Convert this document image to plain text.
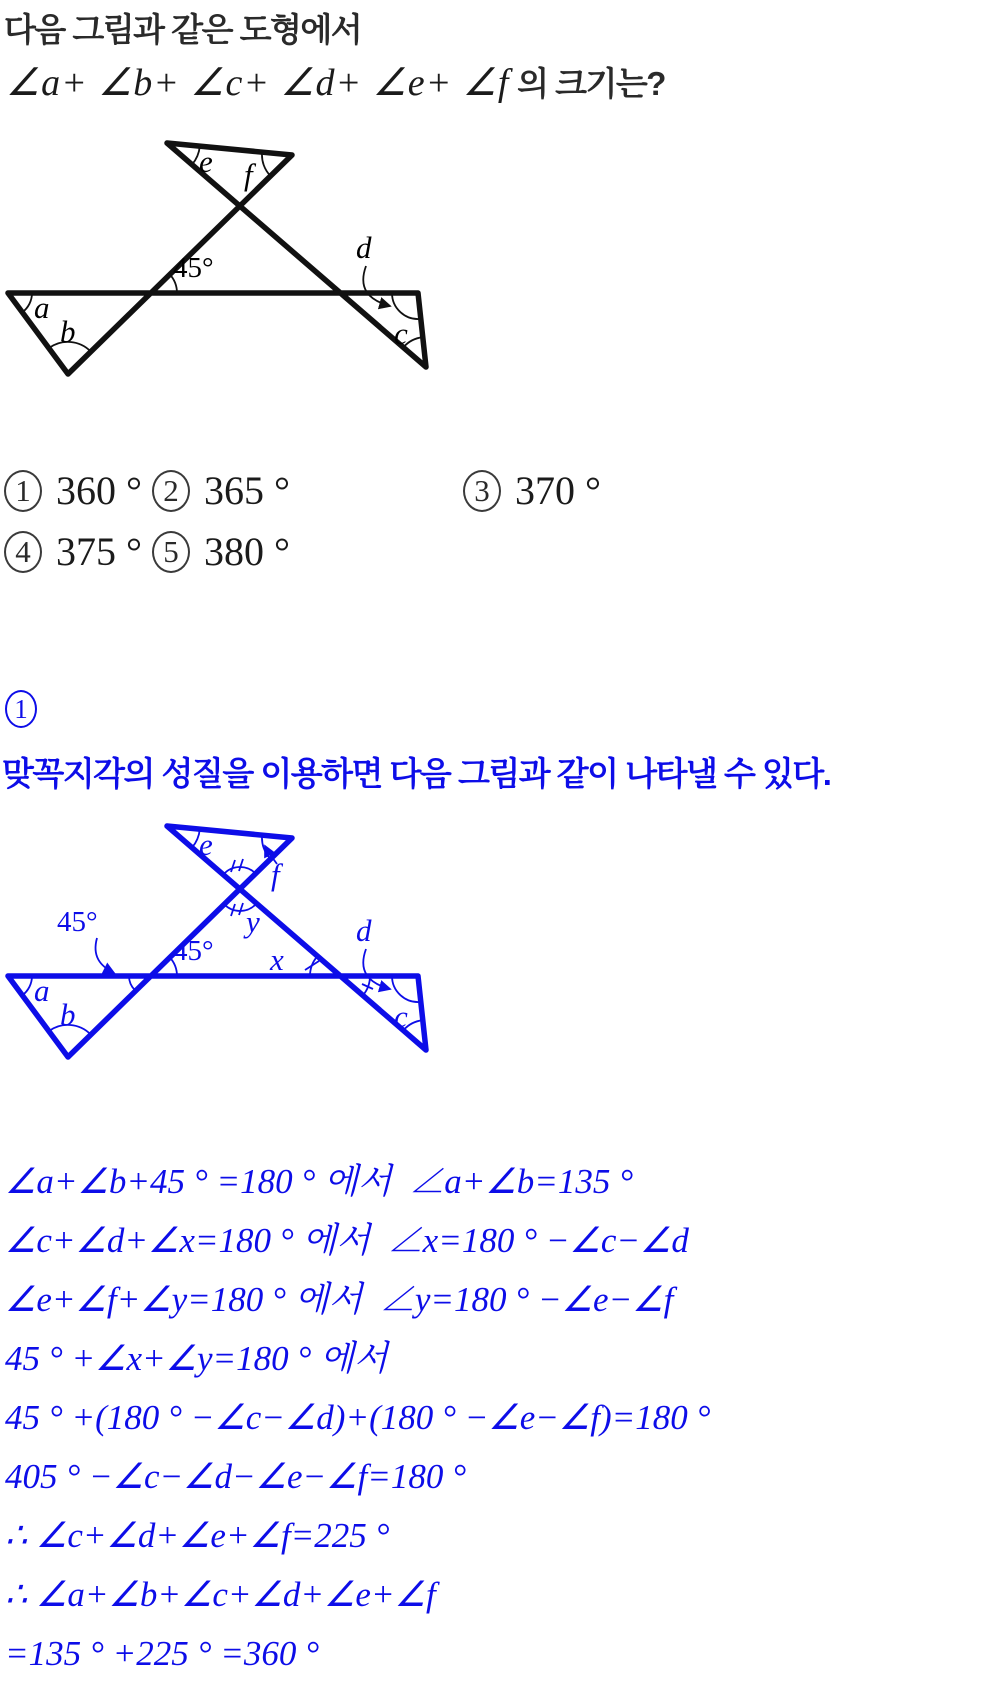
다음 그림과 같은 도형에서
∠a+ ∠b+ ∠c+ ∠d+ ∠e+ ∠f 의 크기는?
a
b
45°
e f
d
c
1 360 ° 2 365 °	3 370 °
4 375 ° 5 380 °
1
맞꼭지각의 성질을 이용하면 다음 그림과 같이 나타낼 수 있다.
45°
45°
a
b
e
f
y
x
d
c
∠a+∠b+45 ° =180 ° 에서  ∠a+∠b=135 °
∠c+∠d+∠x=180 ° 에서  ∠x=180 ° −∠c−∠d
∠e+∠f+∠y=180 ° 에서  ∠y=180 ° −∠e−∠f
45 ° +∠x+∠y=180 ° 에서
45 ° +(180 ° −∠c−∠d)+(180 ° −∠e−∠f)=180 °
405 ° −∠c−∠d−∠e−∠f=180 °
∴ ∠c+∠d+∠e+∠f=225 °
∴ ∠a+∠b+∠c+∠d+∠e+∠f
=135 ° +225 ° =360 °
